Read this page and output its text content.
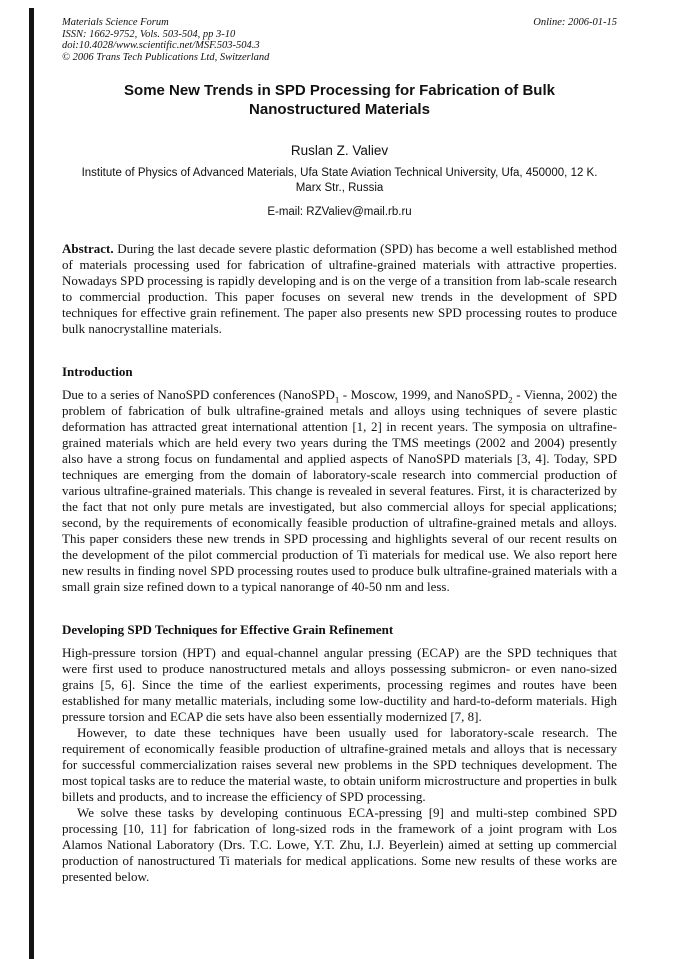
Materials Science Forum
ISSN: 1662-9752, Vols. 503-504, pp 3-10
doi:10.4028/www.scientific.net/MSF.503-504.3
© 2006 Trans Tech Publications Ltd, Switzerland
Online: 2006-01-15
Some New Trends in SPD Processing for Fabrication of Bulk Nanostructured Materials
Ruslan Z. Valiev
Institute of Physics of Advanced Materials, Ufa State Aviation Technical University, Ufa, 450000, 12 K. Marx Str., Russia
E-mail: RZValiev@mail.rb.ru

Abstract. During the last decade severe plastic deformation (SPD) has become a well established method of materials processing used for fabrication of ultrafine-grained materials with attractive properties. Nowadays SPD processing is rapidly developing and is on the verge of a transition from lab-scale research to commercial production. This paper focuses on several new trends in the development of SPD techniques for effective grain refinement. The paper also presents new SPD processing routes to produce bulk nanocrystalline materials.

Introduction

Due to a series of NanoSPD conferences (NanoSPD$_1$ - Moscow, 1999, and NanoSPD$_2$ - Vienna, 2002) the problem of fabrication of bulk ultrafine-grained metals and alloys using techniques of severe plastic deformation has attracted great international attention [1, 2] in recent years. The symposia on ultrafine-grained materials which are held every two years during the TMS meetings (2002 and 2004) presently also have a strong focus on fundamental and applied aspects of NanoSPD materials [3, 4]. Today, SPD techniques are emerging from the domain of laboratory-scale research into commercial production of various ultrafine-grained materials. This change is revealed in several features. First, it is characterized by the fact that not only pure metals are investigated, but also commercial alloys for special applications; second, by the requirements of economically feasible production of ultrafine-grained metals and alloys. This paper considers these new trends in SPD processing and highlights several of our recent results on the development of the pilot commercial production of Ti materials for medical use. We also report here new results in finding novel SPD processing routes used to produce bulk ultrafine-grained materials with a small grain size refined down to a typical nanorange of 40-50 nm and less.

Developing SPD Techniques for Effective Grain Refinement

High-pressure torsion (HPT) and equal-channel angular pressing (ECAP) are the SPD techniques that were first used to produce nanostructured metals and alloys possessing submicron- or even nano-sized grains [5, 6]. Since the time of the earliest experiments, processing regimes and routes have been established for many metallic materials, including some low-ductility and hard-to-deform materials. High pressure torsion and ECAP die sets have also been essentially modernized [7, 8].

However, to date these techniques have been usually used for laboratory-scale research. The requirement of economically feasible production of ultrafine-grained metals and alloys that is necessary for successful commercialization raises several new problems in the SPD techniques development. The most topical tasks are to reduce the material waste, to obtain uniform microstructure and properties in bulk billets and products, and to increase the efficiency of SPD processing.

We solve these tasks by developing continuous ECA-pressing [9] and multi-step combined SPD processing [10, 11] for fabrication of long-sized rods in the framework of a joint program with Los Alamos National Laboratory (Drs. T.C. Lowe, Y.T. Zhu, I.J. Beyerlein) aimed at setting up commercial production of nanostructured Ti materials for medical applications. Some new results of these works are presented below.
